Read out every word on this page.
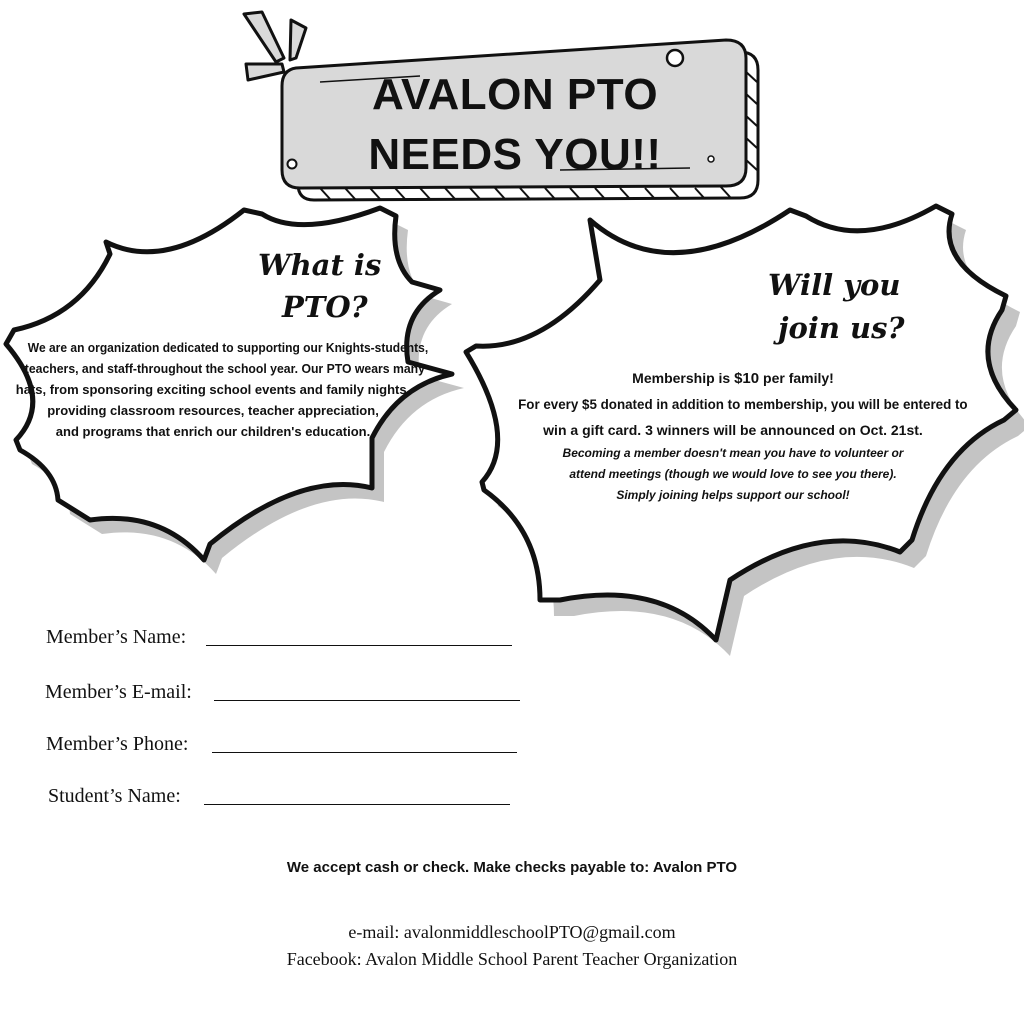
AVALON PTO
NEEDS YOU!!
What is
PTO?
We are an organization dedicated to supporting our Knights-students,
teachers, and staff-throughout the school year. Our PTO wears many
hats, from sponsoring exciting school events and family nights,
providing classroom resources, teacher appreciation,
and programs that enrich our children's education.
Will you
join us?
Membership is $10 per family!
For every $5 donated in addition to membership, you will be entered to
win a gift card. 3 winners will be announced on Oct. 21st.
Becoming a member doesn't mean you have to volunteer or
attend meetings (though we would love to see you there).
Simply joining helps support our school!
Member’s Name:
Member’s E-mail:
Member’s Phone:
Student’s Name:
We accept cash or check. Make checks payable to: Avalon PTO
e-mail: avalonmiddleschoolPTO@gmail.com
Facebook: Avalon Middle School Parent Teacher Organization
